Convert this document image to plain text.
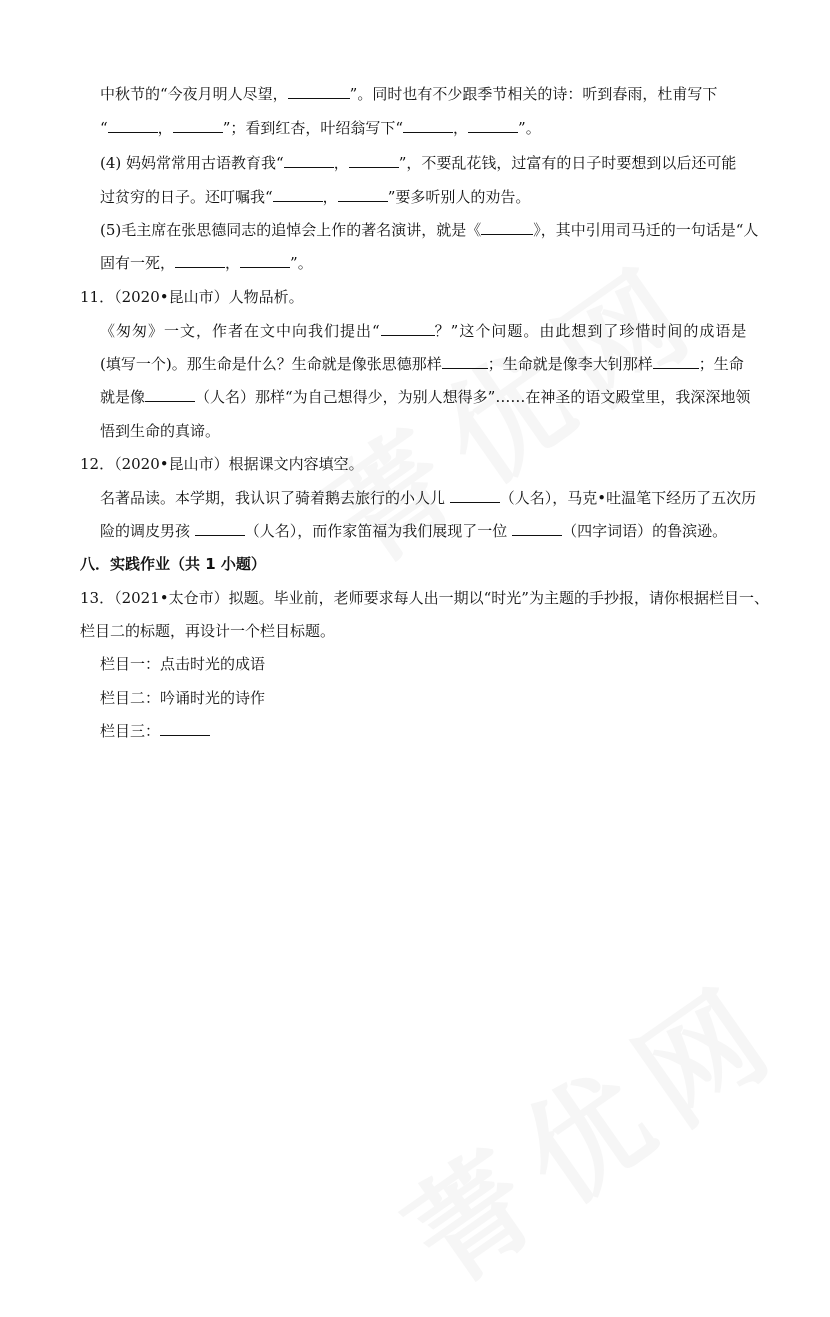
中秋节的“今夜月明人尽望，	”。同时也有不少跟季节相关的诗：听到春雨，杜甫写下
“	，	”；看到红杏，叶绍翁写下“	，	”。
(4) 妈妈常常用古语教育我“	，	”，不要乱花钱，过富有的日子时要想到以后还可能
过贫穷的日子。还叮嘱我“	，	”要多听别人的劝告。
(5)毛主席在张思德同志的追悼会上作的著名演讲，就是《	》，其中引用司马迁的一句话是“人
固有一死，	，	”。
11．（2020•昆山市）人物品析。
《匆匆》一文，作者在文中向我们提出“	？”这个问题。由此想到了珍惜时间的成语是
(填写一个)。那生命是什么？生命就是像张思德那样	；生命就是像李大钊那样	；生命
就是像	（人名）那样“为自己想得少，为别人想得多”……在神圣的语文殿堂里，我深深地领
悟到生命的真谛。
12．（2020•昆山市）根据课文内容填空。
名著品读。本学期，我认识了骑着鹅去旅行的小人儿	（人名），马克•吐温笔下经历了五次历
险的调皮男孩	（人名），而作家笛福为我们展现了一位	（四字词语）的鲁滨逊。
八．实践作业（共 1 小题）
13．（2021•太仓市）拟题。毕业前，老师要求每人出一期以“时光”为主题的手抄报，请你根据栏目一、
栏目二的标题，再设计一个栏目标题。
栏目一：点击时光的成语
栏目二：吟诵时光的诗作
栏目三：
